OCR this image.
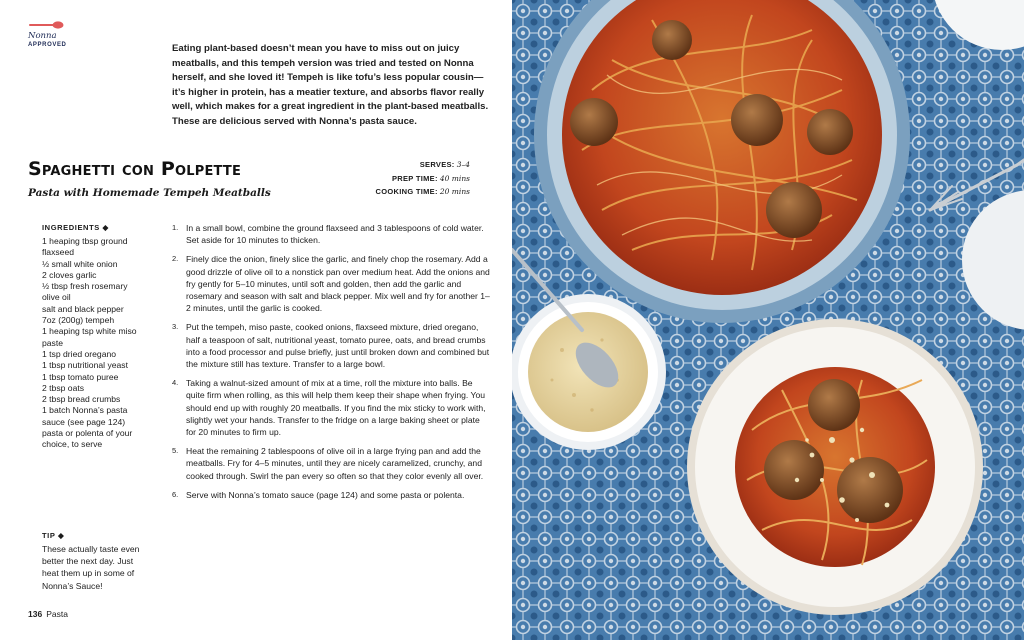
Nonna
APPROVED	Eating plant-based doesn’t mean you have to miss out on juicy meatballs, and this tempeh version was tried and tested on Nonna herself, and she loved it! Tempeh is like tofu’s less popular cousin—it’s higher in protein, has a meatier texture, and absorbs flavor really well, which makes for a great ingredient in the plant-based meatballs. These are delicious served with Nonna’s pasta sauce.

Spaghetti con Polpette
Pasta with Homemade Tempeh Meatballs
SERVES: 3–4
PREP TIME: 40 mins
COOKING TIME: 20 mins
INGREDIENTS ◆
1 heaping tbsp ground flaxseed
½ small white onion
2 cloves garlic
½ tbsp fresh rosemary
olive oil
salt and black pepper
7oz (200g) tempeh
1 heaping tsp white miso paste
1 tsp dried oregano
1 tbsp nutritional yeast
1 tbsp tomato puree
2 tbsp oats
2 tbsp bread crumbs
1 batch Nonna’s pasta sauce (see page 124)
pasta or polenta of your choice, to serve
TIP ◆

These actually taste even better the next day. Just heat them up in some of Nonna’s Sauce!

1. In a small bowl, combine the ground flaxseed and 3 tablespoons of cold water. Set aside for 10 minutes to thicken.
2. Finely dice the onion, finely slice the garlic, and finely chop the rosemary. Add a good drizzle of olive oil to a nonstick pan over medium heat. Add the onions and fry gently for 5–10 minutes, until soft and golden, then add the garlic and rosemary and season with salt and black pepper. Mix well and fry for another 1–2 minutes, until the garlic is cooked.
3. Put the tempeh, miso paste, cooked onions, flaxseed mixture, dried oregano, half a teaspoon of salt, nutritional yeast, tomato puree, oats, and bread crumbs into a food processor and pulse briefly, just until broken down and combined but the mixture still has texture. Transfer to a large bowl.
4. Taking a walnut-sized amount of mix at a time, roll the mixture into balls. Be quite firm when rolling, as this will help them keep their shape when frying. You should end up with roughly 20 meatballs. If you find the mix sticky to work with, slightly wet your hands. Transfer to the fridge on a large baking sheet or plate for 20 minutes to firm up.
5. Heat the remaining 2 tablespoons of olive oil in a large frying pan and add the meatballs. Fry for 4–5 minutes, until they are nicely caramelized, crunchy, and cooked through. Swirl the pan every so often so that they color evenly all over.
6. Serve with Nonna’s tomato sauce (page 124) and some pasta or polenta.
136 Pasta
